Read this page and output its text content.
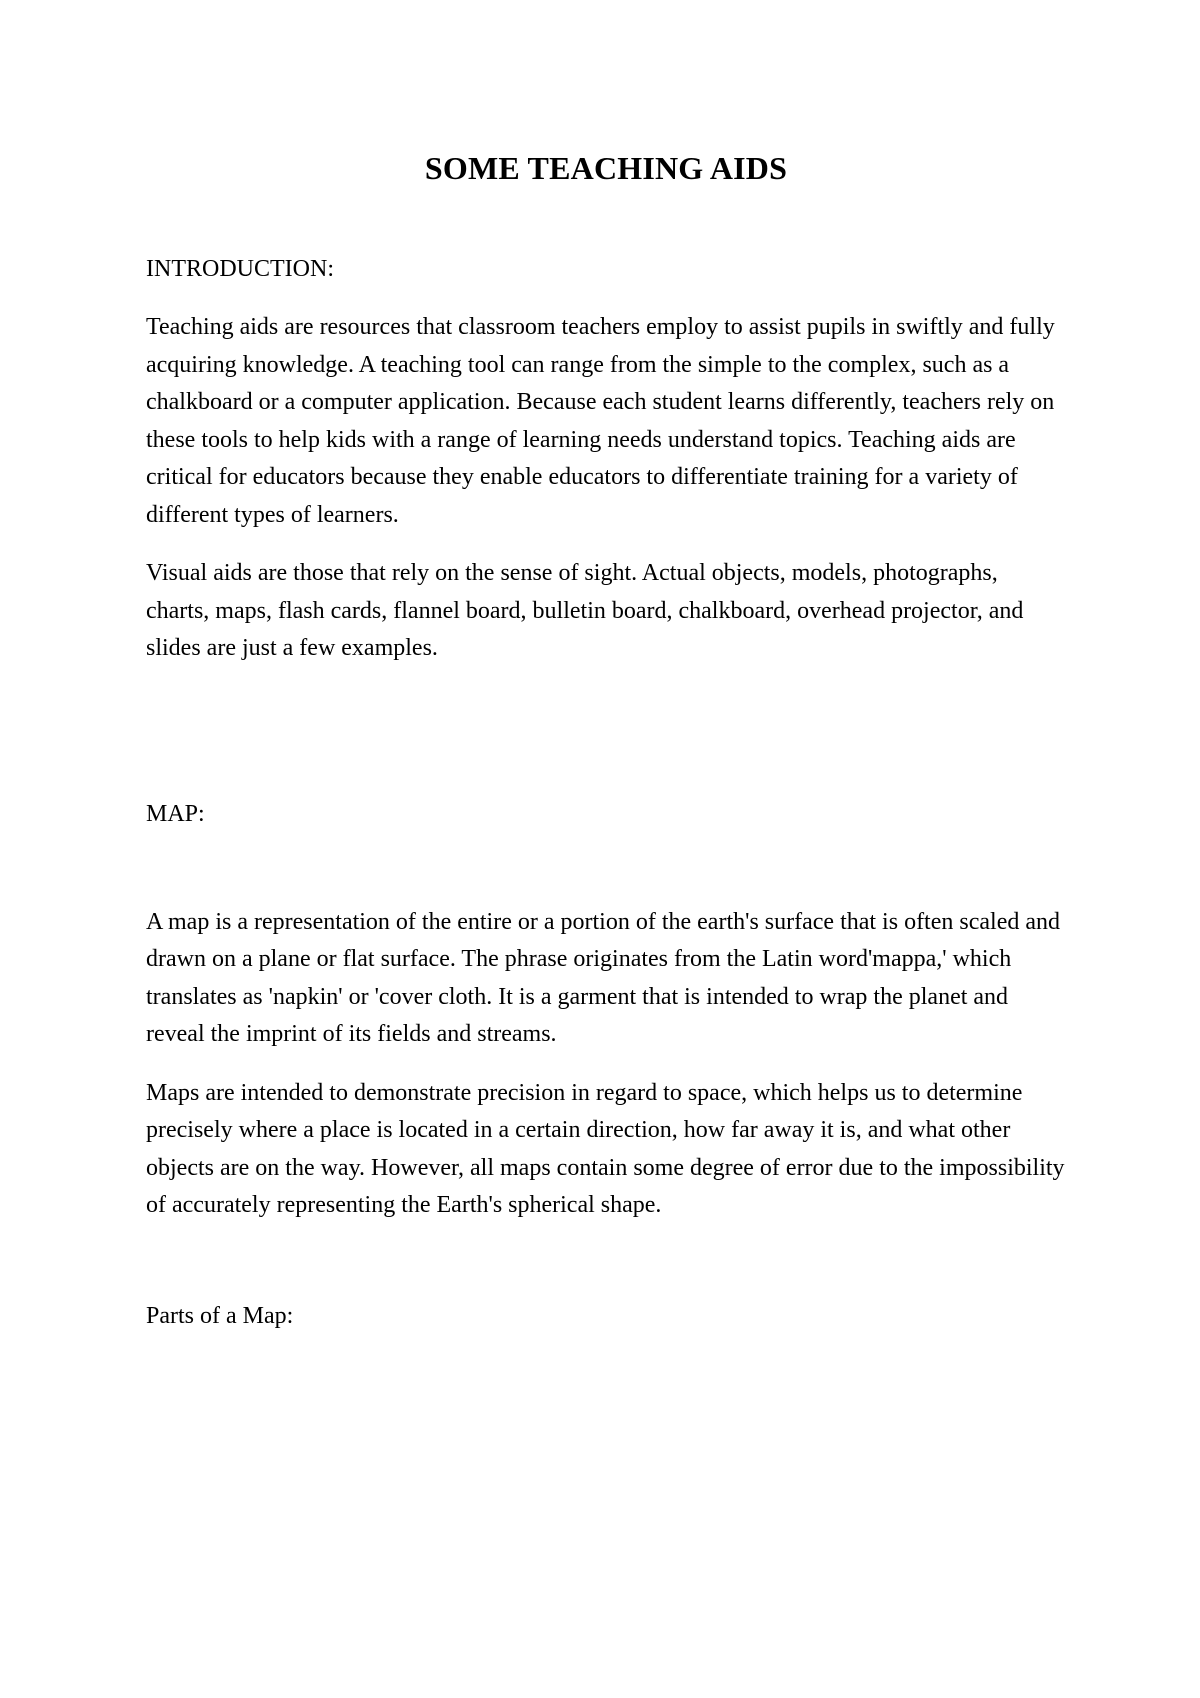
SOME TEACHING AIDS

INTRODUCTION:

Teaching aids are resources that classroom teachers employ to assist pupils in swiftly and fully acquiring knowledge. A teaching tool can range from the simple to the complex, such as a chalkboard or a computer application. Because each student learns differently, teachers rely on these tools to help kids with a range of learning needs understand topics. Teaching aids are critical for educators because they enable educators to differentiate training for a variety of different types of learners.

Visual aids are those that rely on the sense of sight. Actual objects, models, photographs, charts, maps, flash cards, flannel board, bulletin board, chalkboard, overhead projector, and slides are just a few examples.

MAP:

A map is a representation of the entire or a portion of the earth's surface that is often scaled and drawn on a plane or flat surface. The phrase originates from the Latin word'mappa,' which translates as 'napkin' or 'cover cloth. It is a garment that is intended to wrap the planet and reveal the imprint of its fields and streams.

Maps are intended to demonstrate precision in regard to space, which helps us to determine precisely where a place is located in a certain direction, how far away it is, and what other objects are on the way. However, all maps contain some degree of error due to the impossibility of accurately representing the Earth's spherical shape.

Parts of a Map:
